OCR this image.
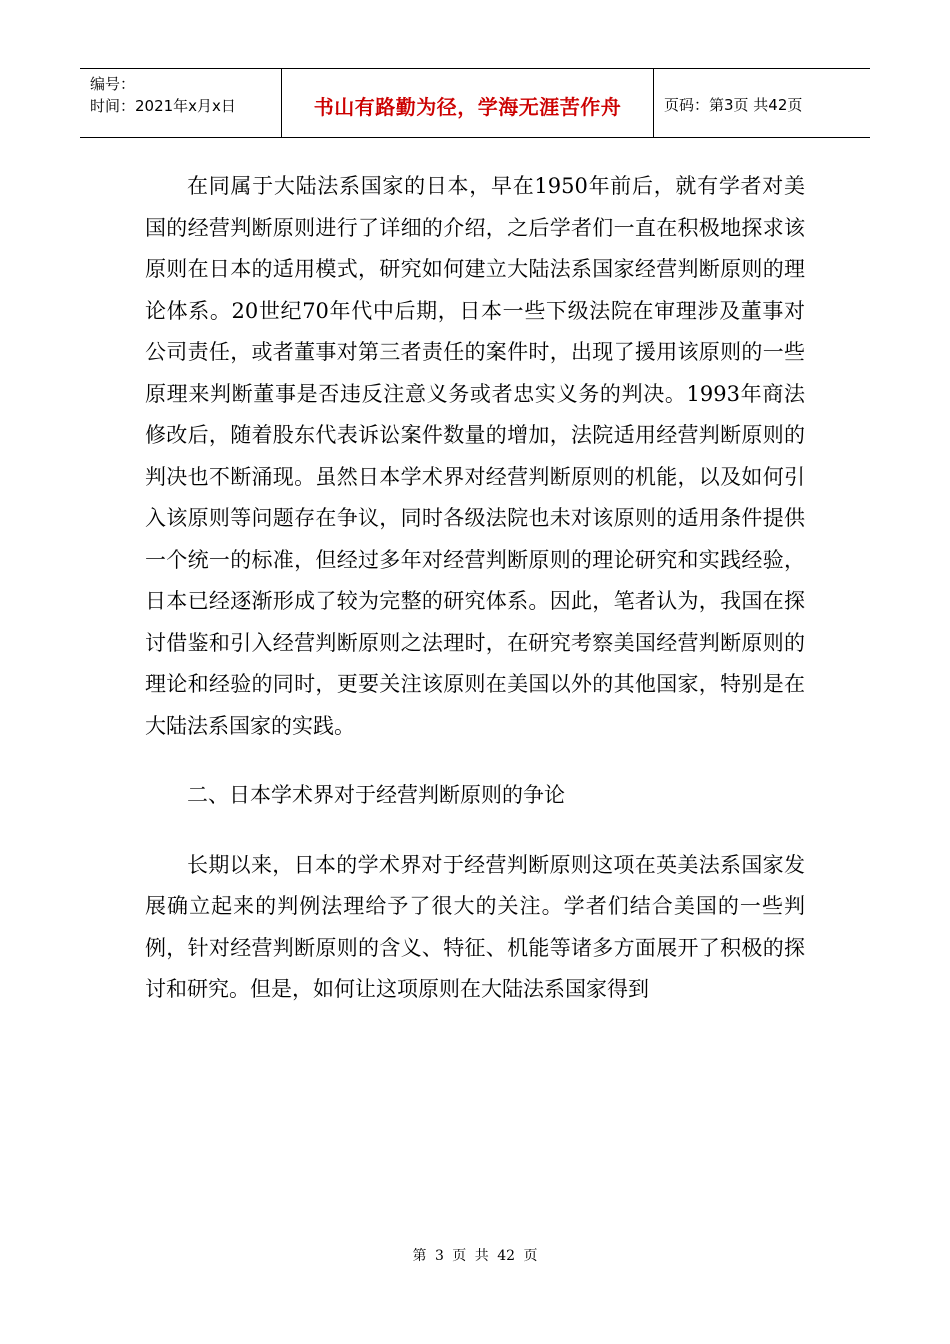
编号：
时间：2021年x月x日	书山有路勤为径，学海无涯苦作舟	页码：第3页 共42页

在同属于大陆法系国家的日本，早在1950年前后，就有学者对美国的经营判断原则进行了详细的介绍，之后学者们一直在积极地探求该原则在日本的适用模式，研究如何建立大陆法系国家经营判断原则的理论体系。20世纪70年代中后期，日本一些下级法院在审理涉及董事对公司责任，或者董事对第三者责任的案件时，出现了援用该原则的一些原理来判断董事是否违反注意义务或者忠实义务的判决。1993年商法修改后，随着股东代表诉讼案件数量的增加，法院适用经营判断原则的判决也不断涌现。虽然日本学术界对经营判断原则的机能，以及如何引入该原则等问题存在争议，同时各级法院也未对该原则的适用条件提供一个统一的标准，但经过多年对经营判断原则的理论研究和实践经验，日本已经逐渐形成了较为完整的研究体系。因此，笔者认为，我国在探讨借鉴和引入经营判断原则之法理时，在研究考察美国经营判断原则的理论和经验的同时，更要关注该原则在美国以外的其他国家，特别是在大陆法系国家的实践。

二、日本学术界对于经营判断原则的争论

长期以来，日本的学术界对于经营判断原则这项在英美法系国家发展确立起来的判例法理给予了很大的关注。学者们结合美国的一些判例，针对经营判断原则的含义、特征、机能等诸多方面展开了积极的探讨和研究。但是，如何让这项原则在大陆法系国家得到

第 3 页 共 42 页
